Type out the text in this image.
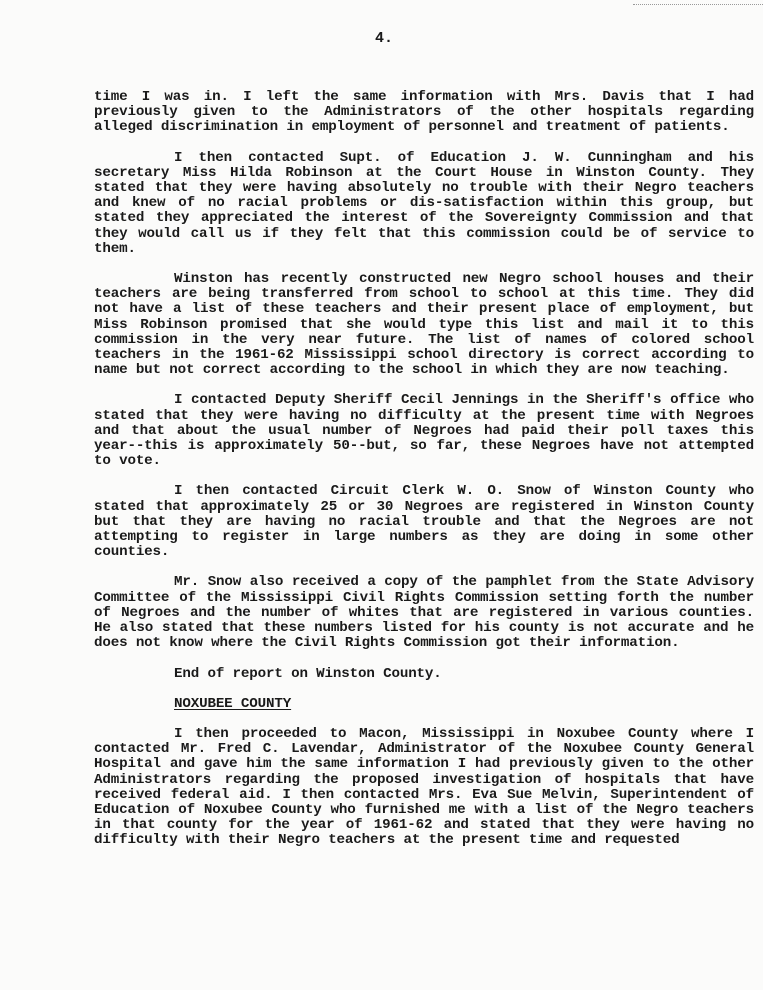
4.

time I was in. I left the same information with Mrs. Davis that I had previously given to the Administrators of the other hospitals regarding alleged discrimination in employment of personnel and treatment of patients.

I then contacted Supt. of Education J. W. Cunningham and his secretary Miss Hilda Robinson at the Court House in Winston County. They stated that they were having absolutely no trouble with their Negro teachers and knew of no racial problems or dis-satisfaction within this group, but stated they appreciated the interest of the Sovereignty Commission and that they would call us if they felt that this commission could be of service to them.

Winston has recently constructed new Negro school houses and their teachers are being transferred from school to school at this time. They did not have a list of these teachers and their present place of employment, but Miss Robinson promised that she would type this list and mail it to this commission in the very near future. The list of names of colored school teachers in the 1961-62 Mississippi school directory is correct according to name but not correct according to the school in which they are now teaching.

I contacted Deputy Sheriff Cecil Jennings in the Sheriff's office who stated that they were having no difficulty at the present time with Negroes and that about the usual number of Negroes had paid their poll taxes this year--this is approximately 50--but, so far, these Negroes have not attempted to vote.

I then contacted Circuit Clerk W. O. Snow of Winston County who stated that approximately 25 or 30 Negroes are registered in Winston County but that they are having no racial trouble and that the Negroes are not attempting to register in large numbers as they are doing in some other counties.

Mr. Snow also received a copy of the pamphlet from the State Advisory Committee of the Mississippi Civil Rights Commission setting forth the number of Negroes and the number of whites that are registered in various counties. He also stated that these numbers listed for his county is not accurate and he does not know where the Civil Rights Commission got their information.

End of report on Winston County.

NOXUBEE COUNTY

I then proceeded to Macon, Mississippi in Noxubee County where I contacted Mr. Fred C. Lavendar, Administrator of the Noxubee County General Hospital and gave him the same information I had previously given to the other Administrators regarding the proposed investigation of hospitals that have received federal aid. I then contacted Mrs. Eva Sue Melvin, Superintendent of Education of Noxubee County who furnished me with a list of the Negro teachers in that county for the year of 1961-62 and stated that they were having no difficulty with their Negro teachers at the present time and requested
